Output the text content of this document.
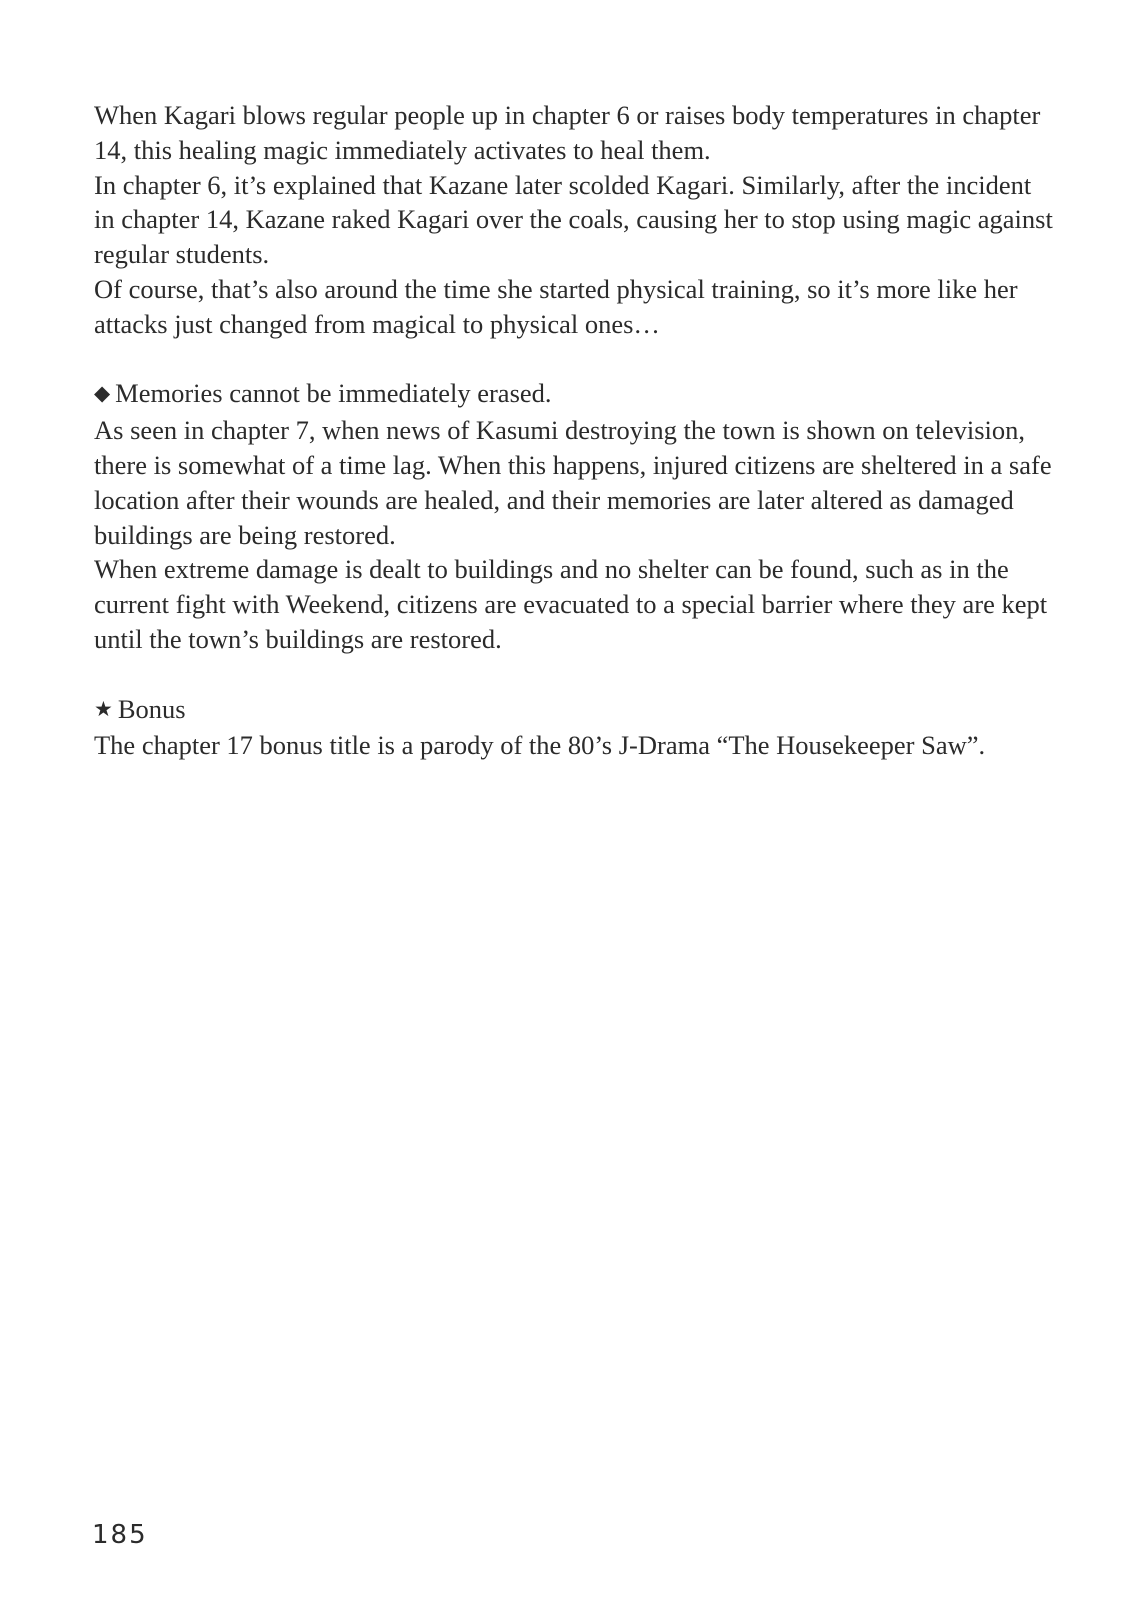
When Kagari blows regular people up in chapter 6 or raises body temperatures in chapter 14, this healing magic immediately activates to heal them.

In chapter 6, it’s explained that Kazane later scolded Kagari. Similarly, after the incident in chapter 14, Kazane raked Kagari over the coals, causing her to stop using magic against regular students.

Of course, that’s also around the time she started physical training, so it’s more like her attacks just changed from magical to physical ones…

◆ Memories cannot be immediately erased.

As seen in chapter 7, when news of Kasumi destroying the town is shown on television, there is somewhat of a time lag. When this happens, injured citizens are sheltered in a safe location after their wounds are healed, and their memories are later altered as damaged buildings are being restored.

When extreme damage is dealt to buildings and no shelter can be found, such as in the current fight with Weekend, citizens are evacuated to a special barrier where they are kept until the town’s buildings are restored.

★ Bonus

The chapter 17 bonus title is a parody of the 80’s J-Drama “The Housekeeper Saw”.

185
